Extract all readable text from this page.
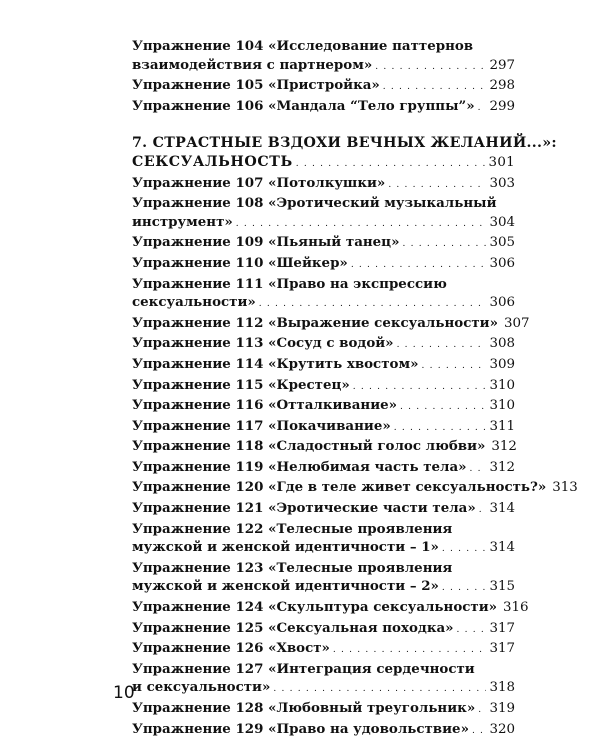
Упражнение 104 «Исследование паттернов
взаимодействия с партнером» . . .	297
Упражнение 105 «Пристройка» . . .	298
Упражнение 106 «Мандала “Тело группы”» . . . 299
7. СТРАСТНЫЕ ВЗДОХИ ВЕЧНЫХ ЖЕЛАНИЙ...»:
СЕКСУАЛЬНОСТЬ . . .	301
Упражнение 107 «Потолкушки» . . .	303
Упражнение 108 «Эротический музыкальный
инструмент» . . .	304
Упражнение 109 «Пьяный танец» . . .	305
Упражнение 110 «Шейкер» . . .	306
Упражнение 111 «Право на экспрессию
сексуальности» . . .	306
Упражнение 112 «Выражение сексуальности» 307
Упражнение 113 «Сосуд с водой» . . .	308
Упражнение 114 «Крутить хвостом» . . .	309
Упражнение 115 «Крестец» . . .	310
Упражнение 116 «Отталкивание» . . .	310
Упражнение 117 «Покачивание» . . .	311
Упражнение 118 «Сладостный голос любви» 312
Упражнение 119 «Нелюбимая часть тела» . . . 312
Упражнение 120 «Где в теле живет сексуальность?» 313
Упражнение 121 «Эротические части тела» . . . 314
Упражнение 122 «Телесные проявления
мужской и женской идентичности – 1» . . .	314
Упражнение 123 «Телесные проявления
мужской и женской идентичности – 2» . . .	315
Упражнение 124 «Скульптура сексуальности» 316
Упражнение 125 «Сексуальная походка» . . .	317
Упражнение 126 «Хвост» . . .	317
Упражнение 127 «Интеграция сердечности
и сексуальности» . . .	318
Упражнение 128 «Любовный треугольник» . . . 319
Упражнение 129 «Право на удовольствие» . . . 320
10
